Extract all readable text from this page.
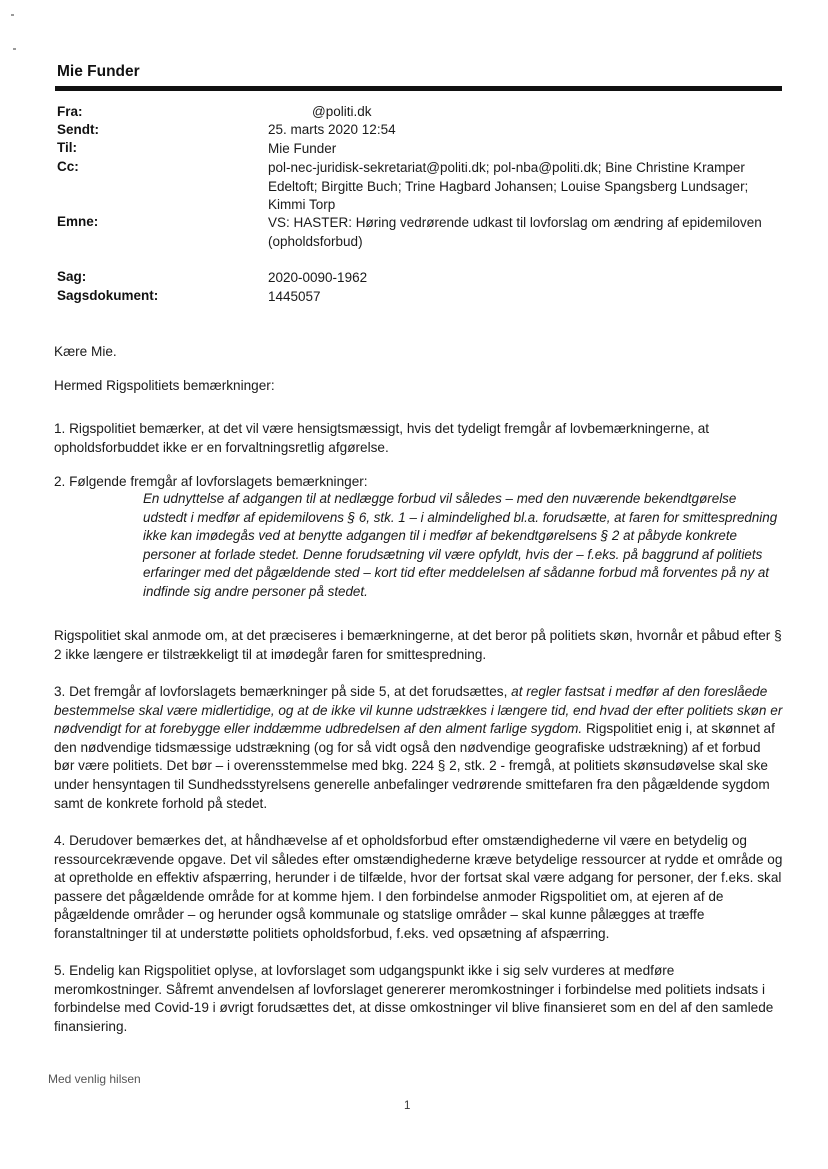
Mie Funder
Fra:	@politi.dk
Sendt:	25. marts 2020 12:54
Til:	Mie Funder
Cc:	pol-nec-juridisk-sekretariat@politi.dk; pol-nba@politi.dk; Bine Christine Kramper Edeltoft; Birgitte Buch; Trine Hagbard Johansen; Louise Spangsberg Lundsager; Kimmi Torp
Emne:	VS: HASTER: Høring vedrørende udkast til lovforslag om ændring af epidemiloven (opholdsforbud)
Sag:	2020-0090-1962
Sagsdokument:	1445057
Kære Mie.
Hermed Rigspolitiets bemærkninger:
1. Rigspolitiet bemærker, at det vil være hensigtsmæssigt, hvis det tydeligt fremgår af lovbemærkningerne, at opholdsforbuddet ikke er en forvaltningsretlig afgørelse.
2. Følgende fremgår af lovforslagets bemærkninger:
En udnyttelse af adgangen til at nedlægge forbud vil således – med den nuværende bekendtgørelse udstedt i medfør af epidemilovens § 6, stk. 1 – i almindelighed bl.a. forudsætte, at faren for smittespredning ikke kan imødegås ved at benytte adgangen til i medfør af bekendtgørelsens § 2 at påbyde konkrete personer at forlade stedet. Denne forudsætning vil være opfyldt, hvis der – f.eks. på baggrund af politiets erfaringer med det pågældende sted – kort tid efter meddelelsen af sådanne forbud må forventes på ny at indfinde sig andre personer på stedet.
Rigspolitiet skal anmode om, at det præciseres i bemærkningerne, at det beror på politiets skøn, hvornår et påbud efter § 2 ikke længere er tilstrækkeligt til at imødegår faren for smittespredning.
3. Det fremgår af lovforslagets bemærkninger på side 5, at det forudsættes, at regler fastsat i medfør af den foreslåede bestemmelse skal være midlertidige, og at de ikke vil kunne udstrækkes i længere tid, end hvad der efter politiets skøn er nødvendigt for at forebygge eller inddæmme udbredelsen af den alment farlige sygdom. Rigspolitiet enig i, at skønnet af den nødvendige tidsmæssige udstrækning (og for så vidt også den nødvendige geografiske udstrækning) af et forbud bør være politiets. Det bør – i overensstemmelse med bkg. 224 § 2, stk. 2 - fremgå, at politiets skønsudøvelse skal ske under hensyntagen til Sundhedsstyrelsens generelle anbefalinger vedrørende smittefaren fra den pågældende sygdom samt de konkrete forhold på stedet.
4. Derudover bemærkes det, at håndhævelse af et opholdsforbud efter omstændighederne vil være en betydelig og ressourcekrævende opgave. Det vil således efter omstændighederne kræve betydelige ressourcer at rydde et område og at opretholde en effektiv afspærring, herunder i de tilfælde, hvor der fortsat skal være adgang for personer, der f.eks. skal passere det pågældende område for at komme hjem. I den forbindelse anmoder Rigspolitiet om, at ejeren af de pågældende områder – og herunder også kommunale og statslige områder – skal kunne pålægges at træffe foranstaltninger til at understøtte politiets opholdsforbud, f.eks. ved opsætning af afspærring.
5. Endelig kan Rigspolitiet oplyse, at lovforslaget som udgangspunkt ikke i sig selv vurderes at medføre meromkostninger. Såfremt anvendelsen af lovforslaget genererer meromkostninger i forbindelse med politiets indsats i forbindelse med Covid-19 i øvrigt forudsættes det, at disse omkostninger vil blive finansieret som en del af den samlede finansiering.
Med venlig hilsen
1
